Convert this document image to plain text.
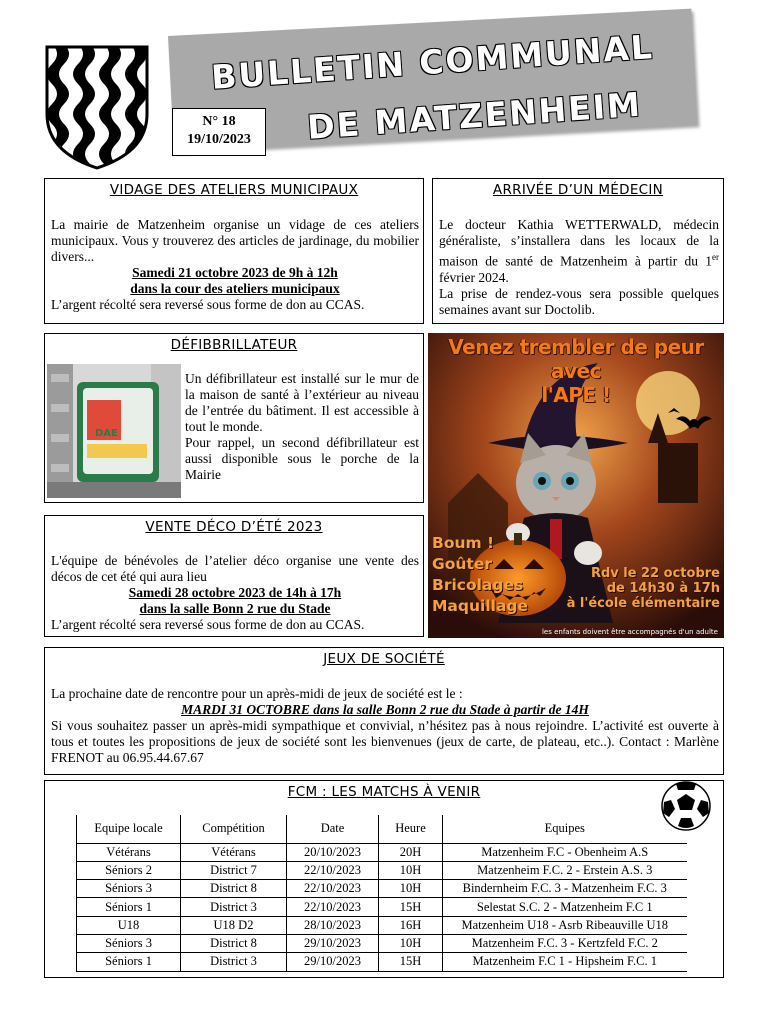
BULLETIN COMMUNAL
DE MATZENHEIM
N° 18
19/10/2023
VIDAGE DES ATELIERS MUNICIPAUX
La mairie de Matzenheim organise un vidage de ces ateliers municipaux. Vous y trouverez des articles de jardinage, du mobilier divers...
Samedi 21 octobre 2023 de 9h à 12h
dans la cour des ateliers municipaux
L’argent récolté sera reversé sous forme de don au CCAS.
ARRIVÉE D’UN MÉDECIN
Le docteur Kathia WETTERWALD, médecin généraliste, s’installera dans les locaux de la maison de santé de Matzenheim à partir du 1er février 2024.
La prise de rendez-vous sera possible quelques semaines avant sur Doctolib.
DÉFIBBRILLATEUR
DAE
Un défibrillateur est installé sur le mur de la maison de santé à l’extérieur au niveau de l’entrée du bâtiment. Il est accessible à tout le monde.
Pour rappel, un second défibrillateur est aussi disponible sous le porche de la Mairie
VENTE DÉCO D’ÉTÉ 2023
L'équipe de bénévoles de l’atelier déco organise une vente des décos de cet été qui aura lieu
Samedi 28 octobre 2023 de 14h à 17h
dans la salle Bonn 2 rue du Stade
L’argent récolté sera reversé sous forme de don au CCAS.
Venez trembler de peur avec
l'APE !
Boum !
Goûter
Bricolages
Maquillage
Rdv le 22 octobre
de 14h30 à 17h
à l'école élémentaire
les enfants doivent être accompagnés d'un adulte
JEUX DE SOCIÉTÉ
La prochaine date de rencontre pour un après-midi de jeux de société est le :
MARDI 31 OCTOBRE dans la salle Bonn 2 rue du Stade à partir de 14H
Si vous souhaitez passer un après-midi sympathique et convivial, n’hésitez pas à nous rejoindre. L’activité est ouverte à tous et toutes les propositions de jeux de société sont les bienvenues (jeux de carte, de plateau, etc..). Contact : Marlène FRENOT au 06.95.44.67.67
FCM : LES MATCHS À VENIR
Equipe locale	Compétition	Date	Heure	Equipes
Vétérans	Vétérans	20/10/2023	20H	Matzenheim F.C - Obenheim A.S
Séniors 2	District 7	22/10/2023	10H	Matzenheim F.C. 2 - Erstein A.S. 3
Séniors 3	District 8	22/10/2023	10H	Bindernheim F.C. 3 - Matzenheim F.C. 3
Séniors 1	District 3	22/10/2023	15H	Selestat S.C. 2 - Matzenheim F.C 1
U18	U18 D2	28/10/2023	16H	Matzenheim U18 - Asrb Ribeauville U18
Séniors 3	District 8	29/10/2023	10H	Matzenheim F.C. 3 - Kertzfeld F.C. 2
Séniors 1	District 3	29/10/2023	15H	Matzenheim F.C 1 - Hipsheim F.C. 1
